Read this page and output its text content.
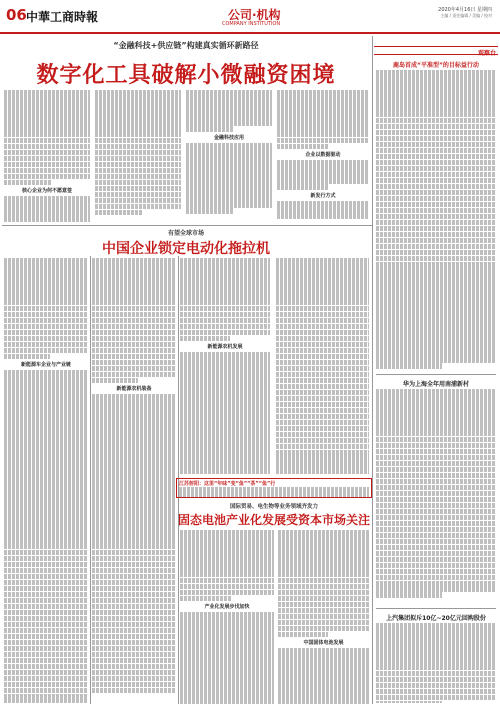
06 中華工商時報	公司·机构
COMPANY INSTITUTION
2020年4月16日 星期四
主编 / 责任编辑 / 美编 / 校对
“金融科技+供应链”构建真实循环新路径
数字化工具破解小微融资困境
核心企业为何不愿意签
金融科技应用
企业以数据驱动
新发行方式
有望全球市场
中国企业锁定电动化拖拉机
新能源车企业与产业链
新能源农机装备
新能源农机发展
江苏射阳：这里“年味”变“鱼”“茶”“鱼”行
国际贸易、电生物等业务领域齐发力
固态电池产业化发展受资本市场关注
产业化发展步伐加快
中国固体电池发展
观察台
鹿岛首成“平准型”的目标益行动
华为上海全年用南浦新村
上汽集团拟斥10亿~20亿元回购股份
